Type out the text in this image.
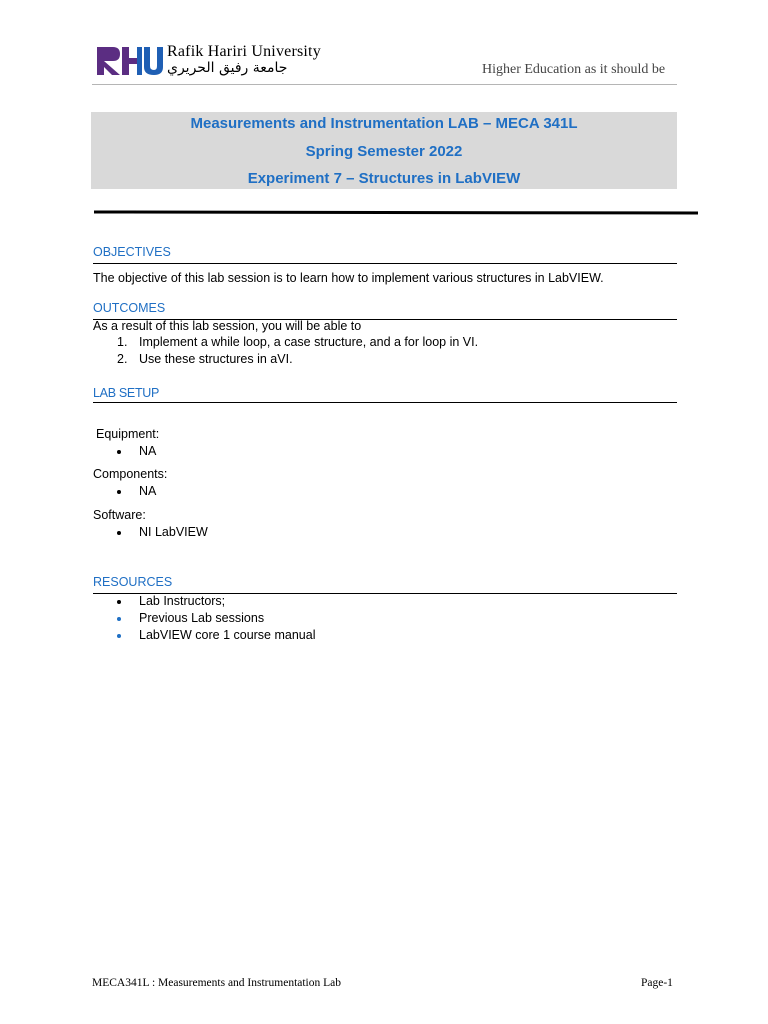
Rafik Hariri University
جامعة رفيق الحريري	Higher Education as it should be
Measurements and Instrumentation LAB – MECA 341L
Spring Semester 2022
Experiment 7 – Structures in LabVIEW
OBJECTIVES
The objective of this lab session is to learn how to implement various structures in LabVIEW.
OUTCOMES
As a result of this lab session, you will be able to
1. Implement a while loop, a case structure, and a for loop in VI.
2. Use these structures in aVI.
LAB SETUP
Equipment:
NA
Components:
NA
Software:
NI LabVIEW
RESOURCES
Lab Instructors;
Previous Lab sessions
LabVIEW core 1 course manual
MECA341L : Measurements and Instrumentation Lab	Page-1
